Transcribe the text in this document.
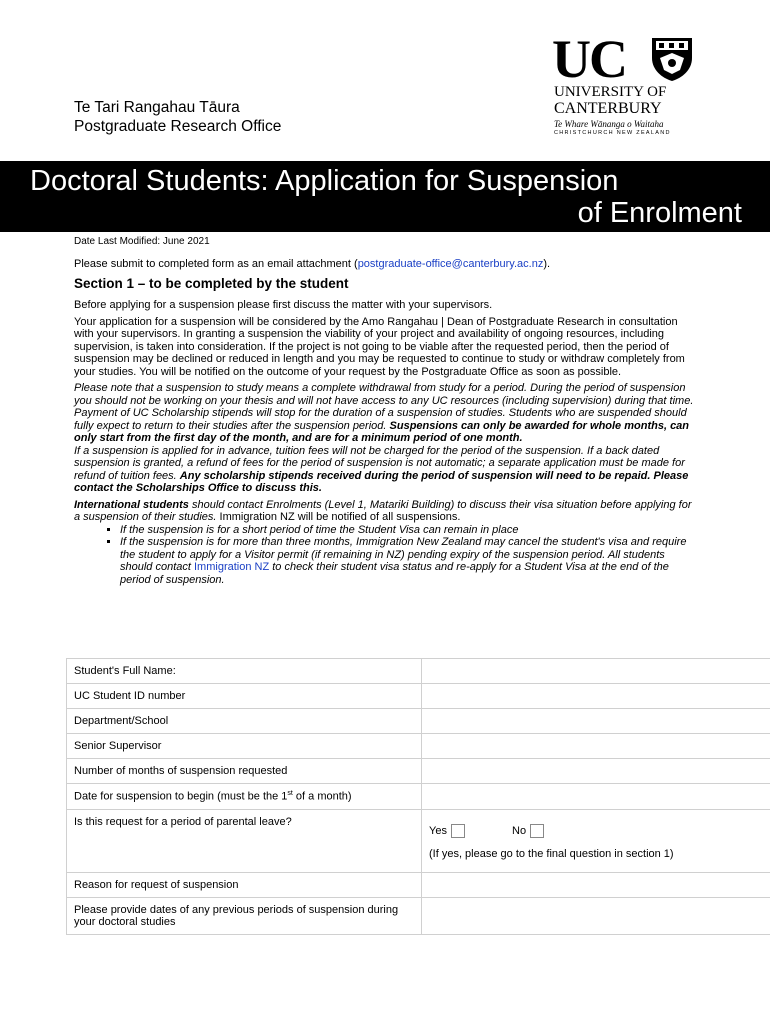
Te Tari Rangahau Tāura
Postgraduate Research Office
UC
UNIVERSITY OF
CANTERBURY
Te Whare Wānanga o Waitaha
CHRISTCHURCH NEW ZEALAND
Doctoral Students: Application for Suspension
of Enrolment
Date Last Modified: June 2021
Please submit to completed form as an email attachment (postgraduate-office@canterbury.ac.nz).
Section 1 – to be completed by the student

Before applying for a suspension please first discuss the matter with your supervisors.

Your application for a suspension will be considered by the Amo Rangahau | Dean of Postgraduate Research in consultation with your supervisors. In granting a suspension the viability of your project and availability of ongoing resources, including supervision, is taken into consideration. If the project is not going to be viable after the requested period, then the period of suspension may be declined or reduced in length and you may be requested to continue to study or withdraw completely from your studies. You will be notified on the outcome of your request by the Postgraduate Office as soon as possible.

Please note that a suspension to study means a complete withdrawal from study for a period. During the period of suspension you should not be working on your thesis and will not have access to any UC resources (including supervision) during that time. Payment of UC Scholarship stipends will stop for the duration of a suspension of studies. Students who are suspended should fully expect to return to their studies after the suspension period. Suspensions can only be awarded for whole months, can only start from the first day of the month, and are for a minimum period of one month.

If a suspension is applied for in advance, tuition fees will not be charged for the period of the suspension. If a back dated suspension is granted, a refund of fees for the period of suspension is not automatic; a separate application must be made for refund of tuition fees. Any scholarship stipends received during the period of suspension will need to be repaid. Please contact the Scholarships Office to discuss this.

International students should contact Enrolments (Level 1, Matariki Building) to discuss their visa situation before applying for a suspension of their studies. Immigration NZ will be notified of all suspensions.

▪ If the suspension is for a short period of time the Student Visa can remain in place
▪ If the suspension is for more than three months, Immigration New Zealand may cancel the student's visa and require the student to apply for a Visitor permit (if remaining in NZ) pending expiry of the suspension period. All students should contact Immigration NZ to check their student visa status and re-apply for a Student Visa at the end of the period of suspension.
Student's Full Name:	
UC Student ID number	
Department/School	
Senior Supervisor	
Number of months of suspension requested	
Date for suspension to begin (must be the 1st of a month)	
Is this request for a period of parental leave?	Yes No
(If yes, please go to the final question in section 1)

Reason for request of suspension	
Please provide dates of any previous periods of suspension during your doctoral studies	
